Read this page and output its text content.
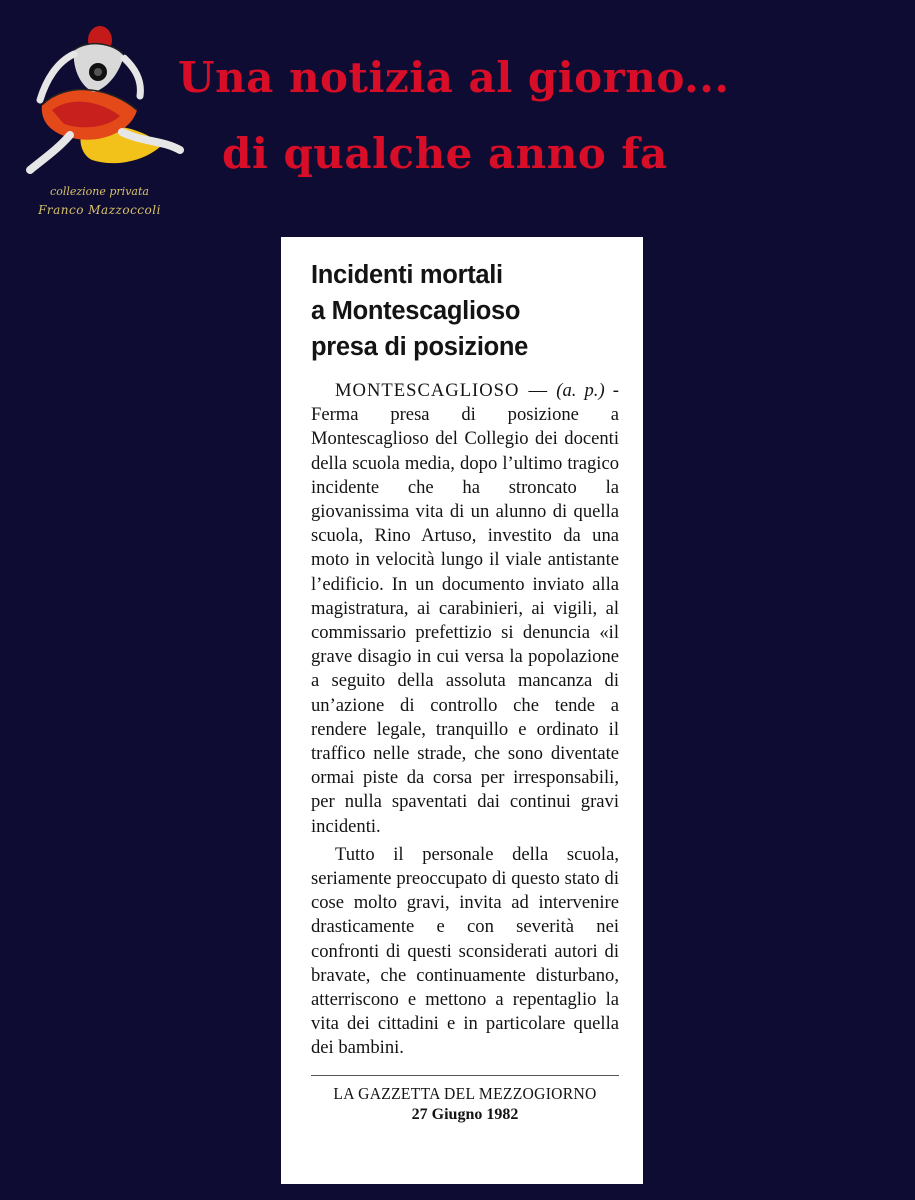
collezione privata
Franco Mazzoccoli
Una notizia al giorno...
di qualche anno fa
Incidenti mortali
a Montescaglioso
presa di posizione

MONTESCAGLIOSO — (a. p.) - Ferma presa di posizione a Montescaglioso del Collegio dei docenti della scuola media, dopo l’ultimo tragico incidente che ha stroncato la giovanissima vita di un alunno di quella scuola, Rino Artuso, investito da una moto in velocità lungo il viale antistante l’edificio. In un documento inviato alla magistratura, ai carabinieri, ai vigili, al commissario prefettizio si denuncia «il grave disagio in cui versa la popolazione a seguito della assoluta mancanza di un’azione di controllo che tende a rendere legale, tranquillo e ordinato il traffico nelle strade, che sono diventate ormai piste da corsa per irresponsabili, per nulla spaventati dai continui gravi incidenti.

Tutto il personale della scuola, seriamente preoccupato di questo stato di cose molto gravi, invita ad intervenire drasticamente e con severità nei confronti di questi sconsiderati autori di bravate, che continuamente disturbano, atterriscono e mettono a repentaglio la vita dei cittadini e in particolare quella dei bambini.

LA GAZZETTA DEL MEZZOGIORNO
27 Giugno 1982
